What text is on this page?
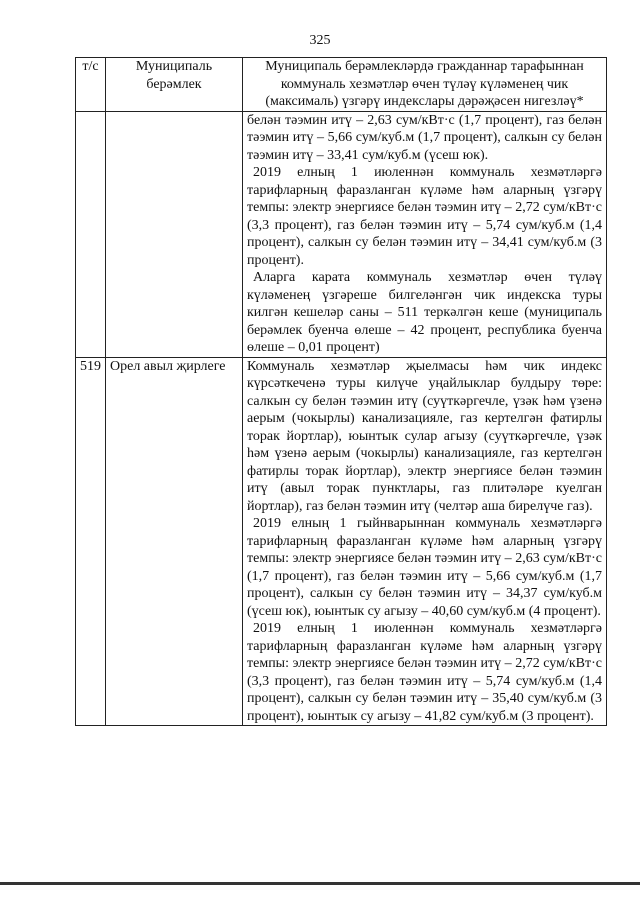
325
т/с	Муниципаль берәмлек	Муниципаль берәмлекләрдә гражданнар тарафыннан коммуналь хезмәтләр өчен түләү күләменең чик (максималь) үзгәрү индекслары дәрәҗәсен нигезләү*

		белән тәэмин итү – 2,63 сум/кВт·с (1,7 процент), газ белән тәэмин итү – 5,66 сум/куб.м (1,7 процент), салкын су белән тәэмин итү – 33,41 сум/куб.м (үсеш юк).
2019 елның 1 июленнән коммуналь хезмәтләргә тарифларның фаразланган күләме һәм аларның үзгәрү темпы: электр энергиясе белән тәэмин итү – 2,72 сум/кВт·с (3,3 процент), газ белән тәэмин итү – 5,74 сум/куб.м (1,4 процент), салкын су белән тәэмин итү – 34,41 сум/куб.м (3 процент).
Аларга карата коммуналь хезмәтләр өчен түләү күләменең үзгәреше билгеләнгән чик индекска туры килгән кешеләр саны – 511 теркәлгән кеше (муниципаль берәмлек буенча өлеше – 42 процент, республика буенча өлеше – 0,01 процент)

519	Орел авыл җирлеге	Коммуналь хезмәтләр җыелмасы һәм чик индекс күрсәткеченә туры килүче уңайлыклар булдыру төре: салкын су белән тәэмин итү (суүткәргечле, үзәк һәм үзенә аерым (чокырлы) канализацияле, газ кертелгән фатирлы торак йортлар), юынтык сулар агызу (суүткәргечле, үзәк һәм үзенә аерым (чокырлы) канализацияле, газ кертелгән фатирлы торак йортлар), электр энергиясе белән тәэмин итү (авыл торак пунктлары, газ плитәләре куелган йортлар), газ белән тәэмин итү (челтәр аша бирелүче газ).
2019 елның 1 гыйнварыннан коммуналь хезмәтләргә тарифларның фаразланган күләме һәм аларның үзгәрү темпы: электр энергиясе белән тәэмин итү – 2,63 сум/кВт·с (1,7 процент), газ белән тәэмин итү – 5,66 сум/куб.м (1,7 процент), салкын су белән тәэмин итү – 34,37 сум/куб.м (үсеш юк), юынтык су агызу – 40,60 сум/куб.м (4 процент).
2019 елның 1 июленнән коммуналь хезмәтләргә тарифларның фаразланган күләме һәм аларның үзгәрү темпы: электр энергиясе белән тәэмин итү – 2,72 сум/кВт·с (3,3 процент), газ белән тәэмин итү – 5,74 сум/куб.м (1,4 процент), салкын су белән тәэмин итү – 35,40 сум/куб.м (3 процент), юынтык су агызу – 41,82 сум/куб.м (3 процент).
